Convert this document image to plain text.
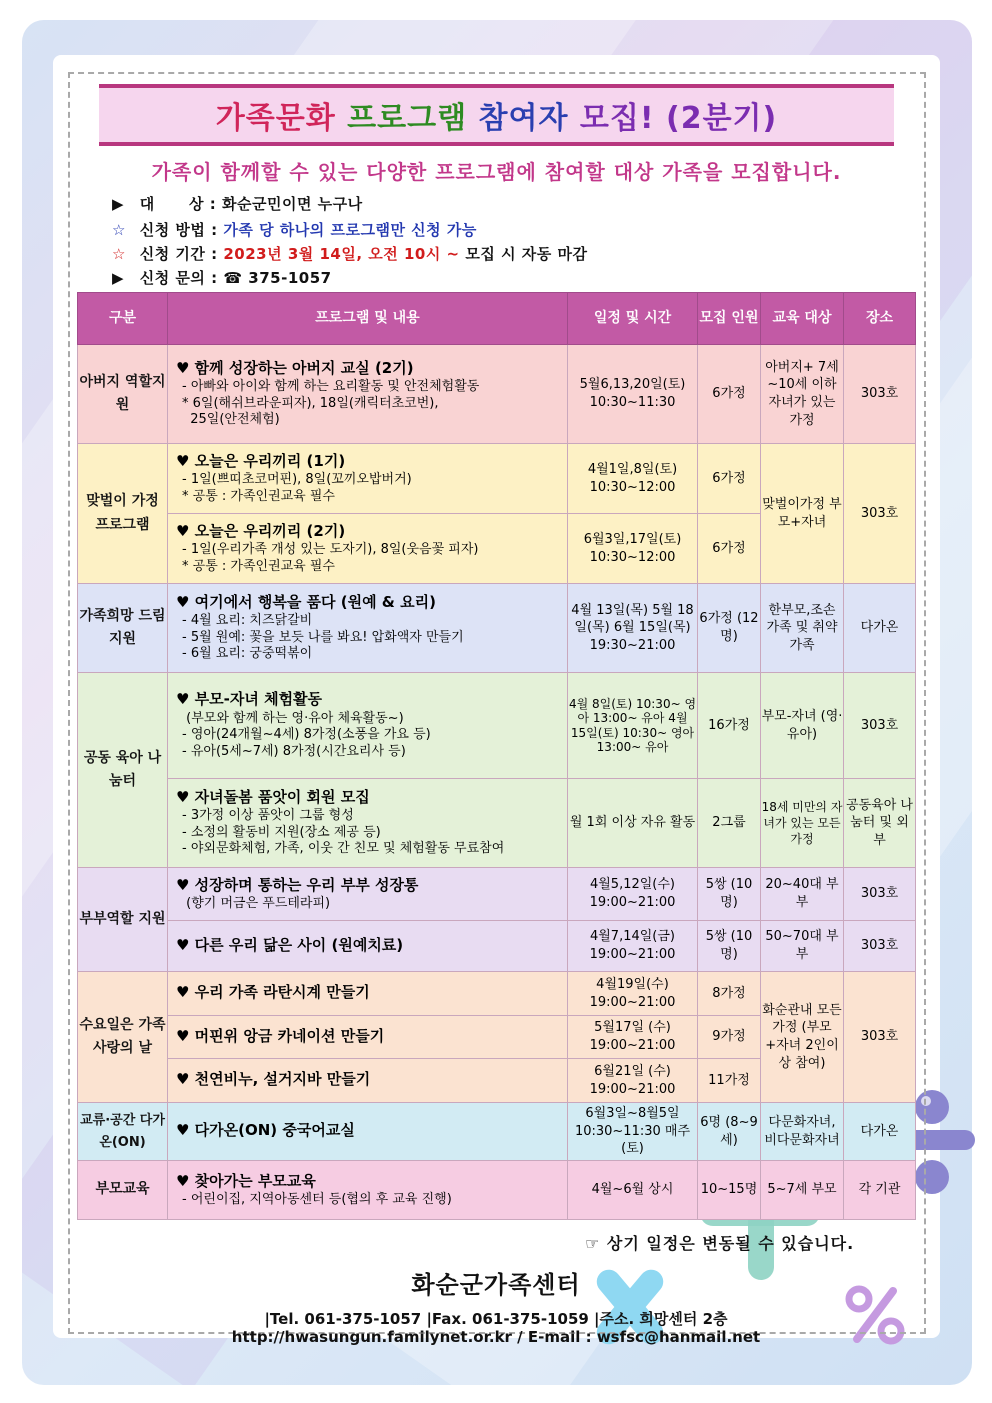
가족문화
프로그램
참여자
모집! (2분기)
가족이 함께할 수 있는 다양한 프로그램에 참여할 대상 가족을 모집합니다.
▶ 대      상 : 화순군민이면 누구나
☆ 신청 방법 : 가족 당 하나의 프로그램만 신청 가능
☆ 신청 기간 : 2023년 3월 14일, 오전 10시 ~ 모집 시 자동 마감
▶ 신청 문의 : ☎ 375-1057
구분	프로그램 및 내용	일정 및 시간	모집 인원	교육 대상	장소
아버지 역할지원	♥ 함께 성장하는 아버지 교실 (2기)
- 아빠와 아이와 함께 하는 요리활동 및 안전체험활동
* 6일(해쉬브라운피자), 18일(캐릭터초코번),
25일(안전체험)	5월6,13,20일(토) 10:30~11:30	6가정	아버지+ 7세~10세 이하 자녀가 있는 가정	303호
맞벌이 가정 프로그램	♥ 오늘은 우리끼리 (1기)
- 1일(쁘띠초코머핀), 8일(꼬끼오밥버거)
* 공통 : 가족인권교육 필수	4월1일,8일(토) 10:30~12:00	6가정	맞벌이가정 부모+자녀	303호

	♥ 오늘은 우리끼리 (2기)
- 1일(우리가족 개성 있는 도자기), 8일(웃음꽃 피자)
* 공통 : 가족인권교육 필수	6월3일,17일(토) 10:30~12:00	6가정		
가족희망 드림지원	♥ 여기에서 행복을 품다 (원예 & 요리)
- 4월 요리: 치즈닭갈비
- 5월 원예: 꽃을 보듯 나를 봐요! 압화액자 만들기
- 6월 요리: 궁중떡볶이	4월 13일(목) 5월 18일(목) 6월 15일(목) 19:30~21:00	6가정 (12명)	한부모,조손 가족 및 취약가족	다가온
공동 육아 나눔터	♥ 부모-자녀 체험활동
(부모와 함께 하는 영·유아 체육활동~)
- 영아(24개월~4세) 8가정(소풍을 가요 등)
- 유아(5세~7세) 8가정(시간요리사 등)	4월 8일(토) 10:30~ 영아 13:00~ 유아 4월 15일(토) 10:30~ 영아 13:00~ 유아	16가정	부모-자녀 (영·유아)	303호

	♥ 자녀돌봄 품앗이 회원 모집
- 3가정 이상 품앗이 그룹 형성
- 소정의 활동비 지원(장소 제공 등)
- 야외문화체험, 가족, 이웃 간 친모 및 체험활동 무료참여	월 1회 이상 자유 활동	2그룹	18세 미만의 자녀가 있는 모든 가정	공동육아 나눔터 및 외부
부부역할 지원	♥ 성장하며 통하는 우리 부부 성장통
(향기 머금은 푸드테라피)	4월5,12일(수) 19:00~21:00	5쌍 (10명)	20~40대 부부	303호

	♥ 다른 우리 닮은 사이 (원예치료)	4월7,14일(금) 19:00~21:00	5쌍 (10명)	50~70대 부부	303호
수요일은 가족 사랑의 날	♥ 우리 가족 라탄시계 만들기	4월19일(수) 19:00~21:00	8가정	화순관내 모든가정 (부모+자녀 2인이상 참여)	303호

	♥ 머핀위 앙금 카네이션 만들기	5월17일 (수) 19:00~21:00	9가정		

	♥ 천연비누, 설거지바 만들기	6월21일 (수) 19:00~21:00	11가정		
교류·공간 다가온(ON)	♥ 다가온(ON) 중국어교실	6월3일~8월5일 10:30~11:30 매주(토)	6명 (8~9세)	다문화자녀, 비다문화자녀	다가온
부모교육	♥ 찾아가는 부모교육
- 어린이집, 지역아동센터 등(협의 후 교육 진행)	4월~6월 상시	10~15명	5~7세 부모	각 기관
☞ 상기 일정은 변동될 수 있습니다.
화순군가족센터
|Tel. 061-375-1057 |Fax. 061-375-1059 |주소. 희망센터 2층
http://hwasungun.familynet.or.kr / E-mail : wsfsc@hanmail.net
